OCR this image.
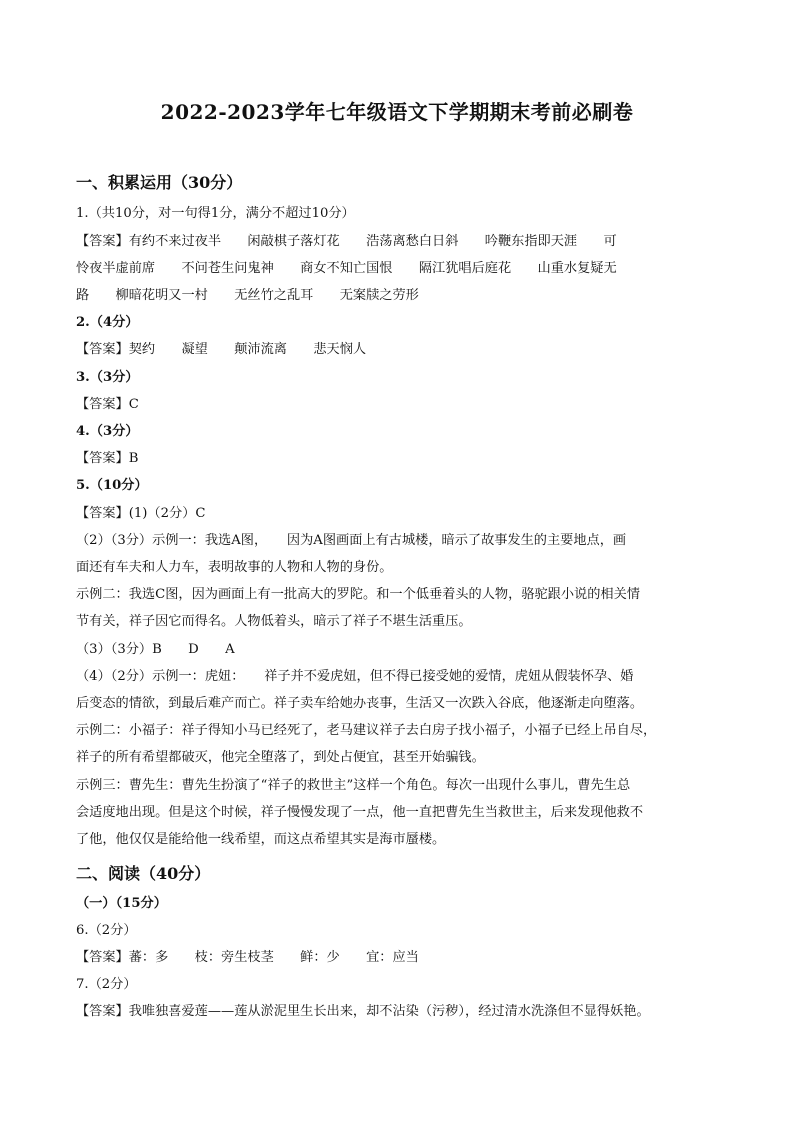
2022-2023学年七年级语文下学期期末考前必刷卷
一、积累运用（30分）
1.（共10分，对一句得1分，满分不超过10分）
【答案】有约不来过夜半　　闲敲棋子落灯花　　浩荡离愁白日斜　　吟鞭东指即天涯　　可
怜夜半虚前席　　不问苍生问鬼神　　商女不知亡国恨　　隔江犹唱后庭花　　山重水复疑无
路　　柳暗花明又一村　　无丝竹之乱耳　　无案牍之劳形
2.（4分）
【答案】契约　　凝望　　颠沛流离　　悲天悯人
3.（3分）
【答案】C
4.（3分）
【答案】B
5.（10分）
【答案】(1)（2分）C
（2）（3分）示例一：我选A图，　　因为A图画面上有古城楼，暗示了故事发生的主要地点，画
面还有车夫和人力车，表明故事的人物和人物的身份。
示例二：我选C图，因为画面上有一批高大的罗陀。和一个低垂着头的人物，骆驼跟小说的相关情
节有关，祥子因它而得名。人物低着头，暗示了祥子不堪生活重压。
（3）（3分）B　　D　　A
（4）（2分）示例一：虎妞：　　祥子并不爱虎妞，但不得已接受她的爱情，虎妞从假装怀孕、婚
后变态的情欲，到最后难产而亡。祥子卖车给她办丧事，生活又一次跌入谷底，他逐渐走向堕落。
示例二：小福子：祥子得知小马已经死了，老马建议祥子去白房子找小福子，小福子已经上吊自尽，
祥子的所有希望都破灭，他完全堕落了，到处占便宜，甚至开始骗钱。
示例三：曹先生：曹先生扮演了“祥子的救世主”这样一个角色。每次一出现什么事儿，曹先生总
会适度地出现。但是这个时候，祥子慢慢发现了一点，他一直把曹先生当救世主，后来发现他救不
了他，他仅仅是能给他一线希望，而这点希望其实是海市蜃楼。
二、阅读（40分）
（一）（15分）
6.（2分）
【答案】蕃：多　　枝：旁生枝茎　　鲜：少　　宜：应当
7.（2分）
【答案】我唯独喜爱莲——莲从淤泥里生长出来，却不沾染（污秽），经过清水洗涤但不显得妖艳。
